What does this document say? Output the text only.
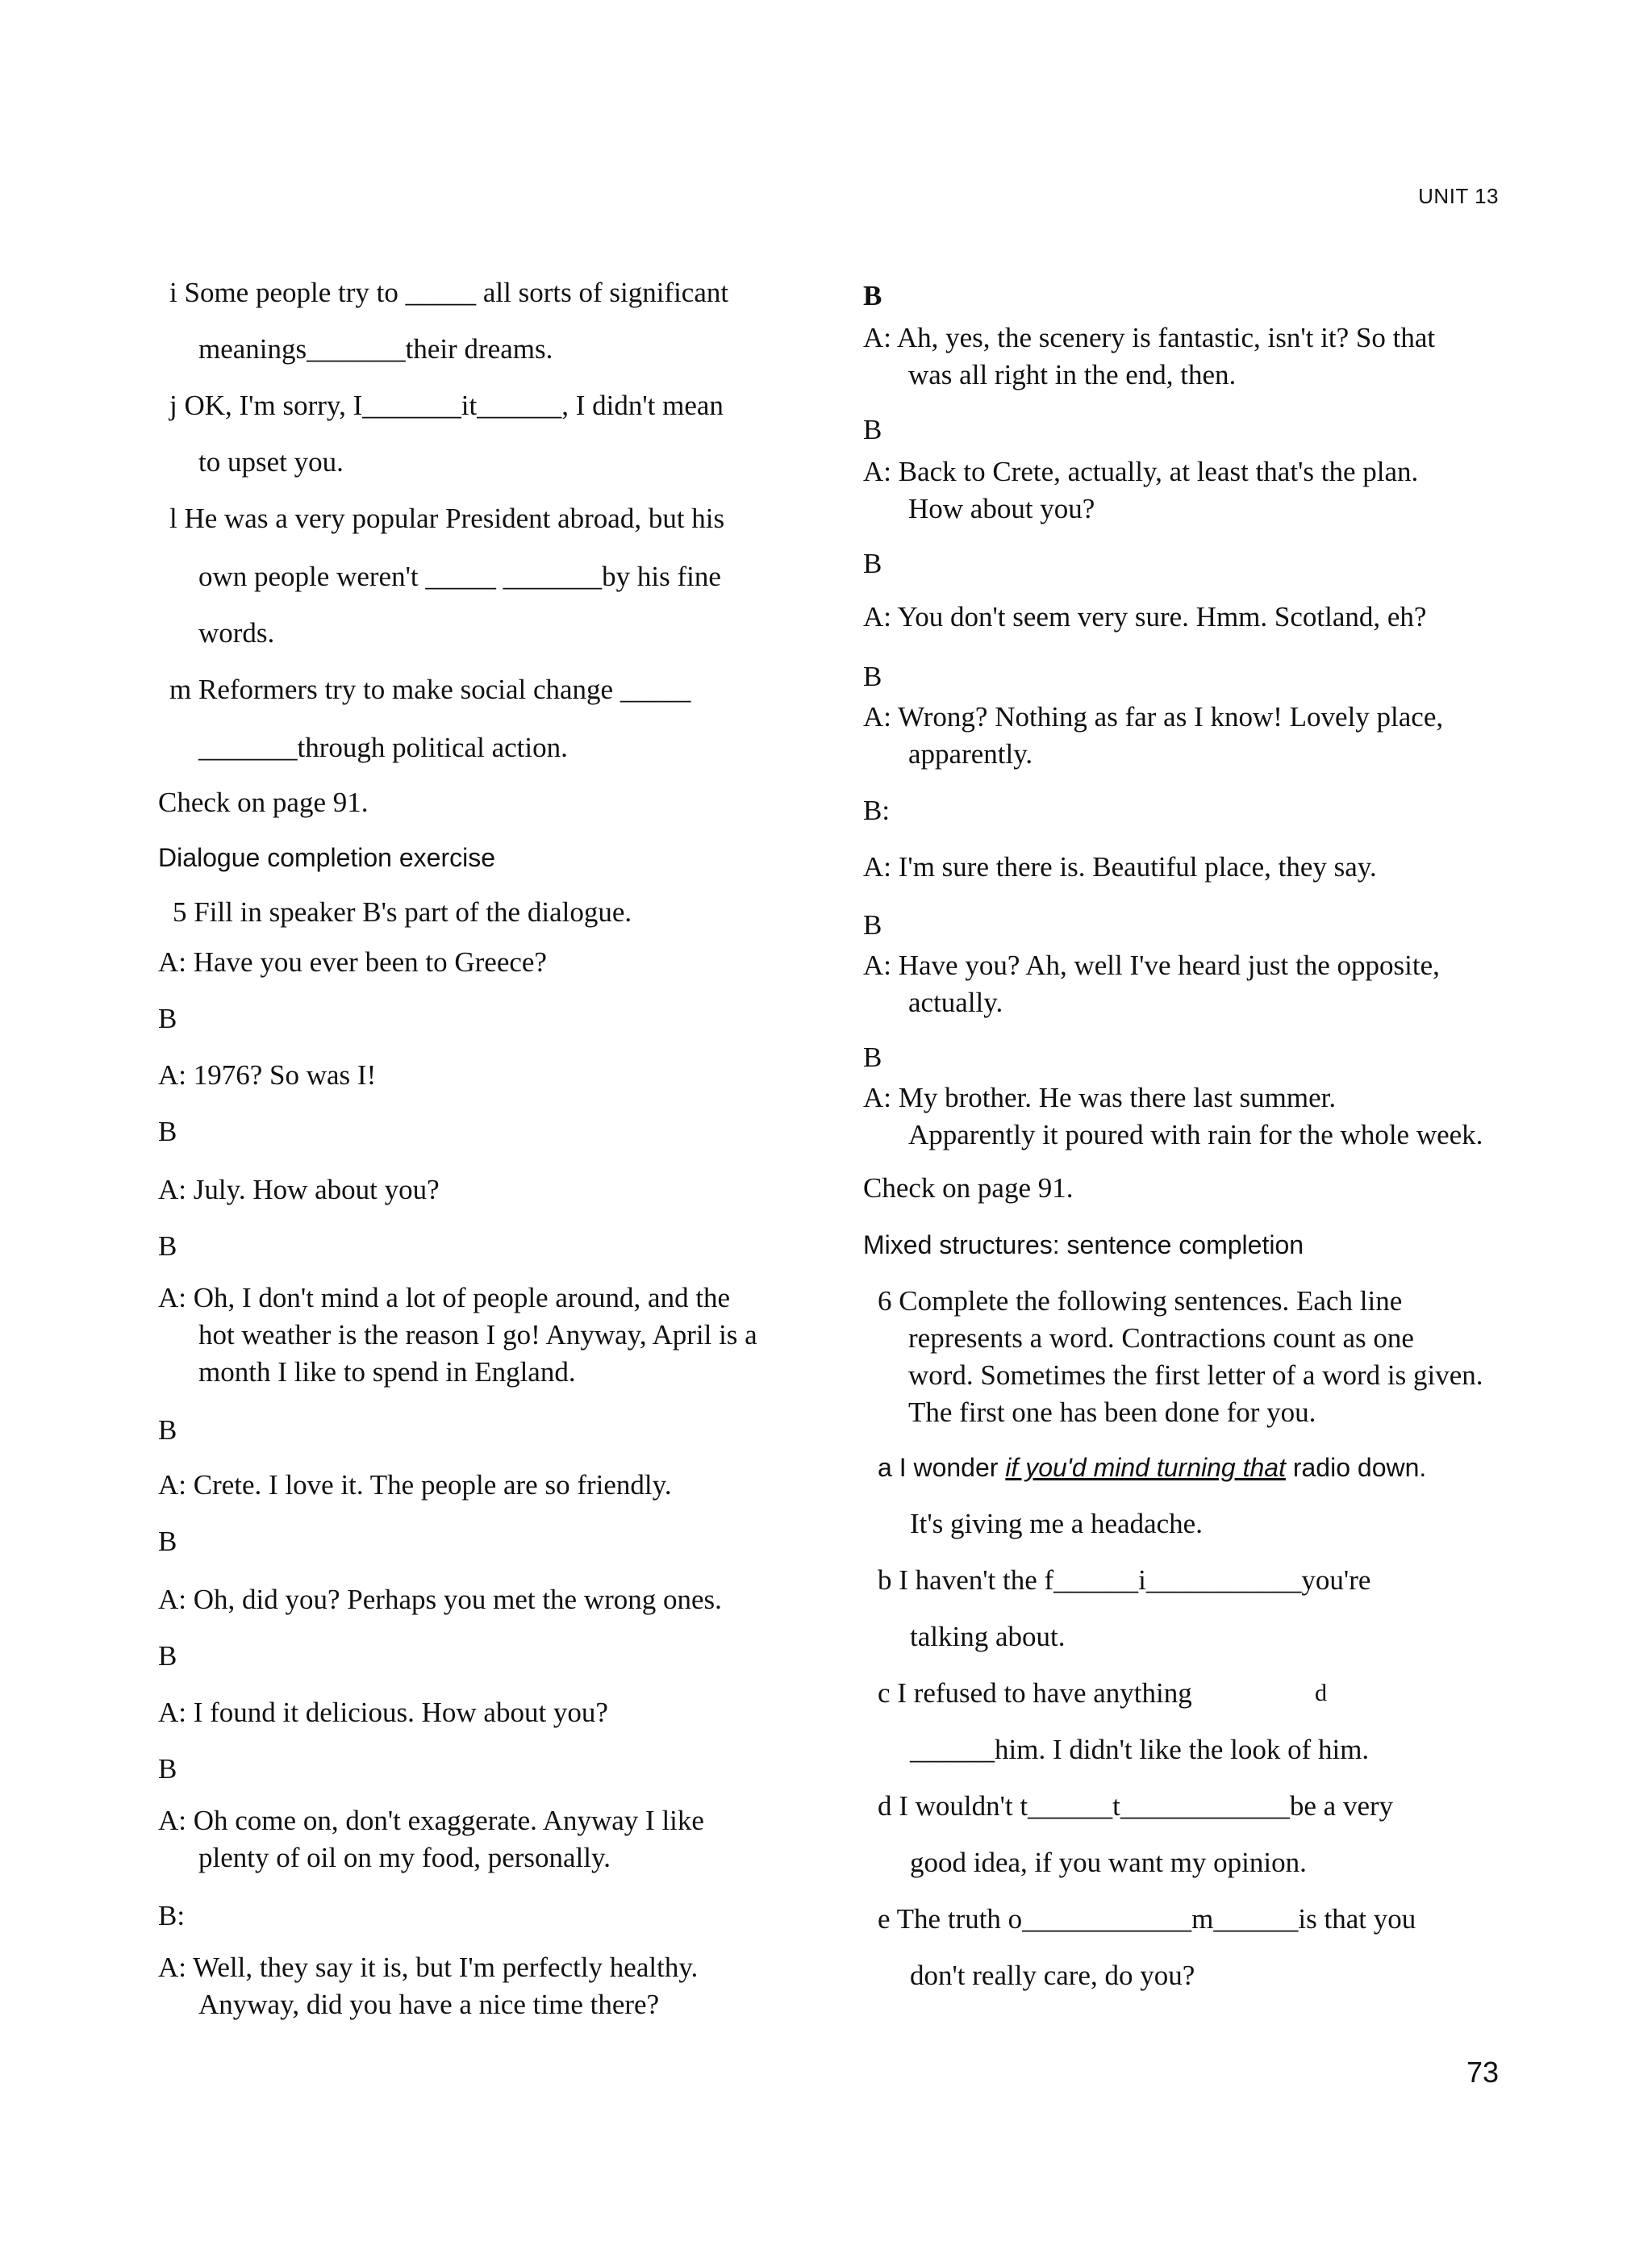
UNIT 13
i Some people try to _____ all sorts of significant
meanings_______their dreams.
j OK, I'm sorry, I_______it______, I didn't mean
to upset you.
l He was a very popular President abroad, but his
own people weren't _____ _______by his fine
words.
m Reformers try to make social change _____
_______through political action.
Check on page 91.
Dialogue completion exercise
5 Fill in speaker B's part of the dialogue.
A: Have you ever been to Greece?
B
A: 1976? So was I!
B
A: July. How about you?
B
A: Oh, I don't mind a lot of people around, and the
hot weather is the reason I go! Anyway, April is a
month I like to spend in England.
B
A: Crete. I love it. The people are so friendly.
B
A: Oh, did you? Perhaps you met the wrong ones.
B
A: I found it delicious. How about you?
B
A: Oh come on, don't exaggerate. Anyway I like
plenty of oil on my food, personally.
B:
A: Well, they say it is, but I'm perfectly healthy.
Anyway, did you have a nice time there?
B
A: Ah, yes, the scenery is fantastic, isn't it? So that
was all right in the end, then.
B
A: Back to Crete, actually, at least that's the plan.
How about you?
B
A: You don't seem very sure. Hmm. Scotland, eh?
B
A: Wrong? Nothing as far as I know! Lovely place,
apparently.
B:
A: I'm sure there is. Beautiful place, they say.
B
A: Have you? Ah, well I've heard just the opposite,
actually.
B
A: My brother. He was there last summer.
Apparently it poured with rain for the whole week.
Check on page 91.
Mixed structures: sentence completion
6 Complete the following sentences. Each line
represents a word. Contractions count as one
word. Sometimes the first letter of a word is given.
The first one has been done for you.
a I wonder if you'd mind turning that radio down.
It's giving me a headache.
b I haven't the f______i___________you're
talking about.
c I refused to have anything	d
______him. I didn't like the look of him.
d I wouldn't t______t____________be a very
good idea, if you want my opinion.
e The truth o____________m______is that you
don't really care, do you?
73
